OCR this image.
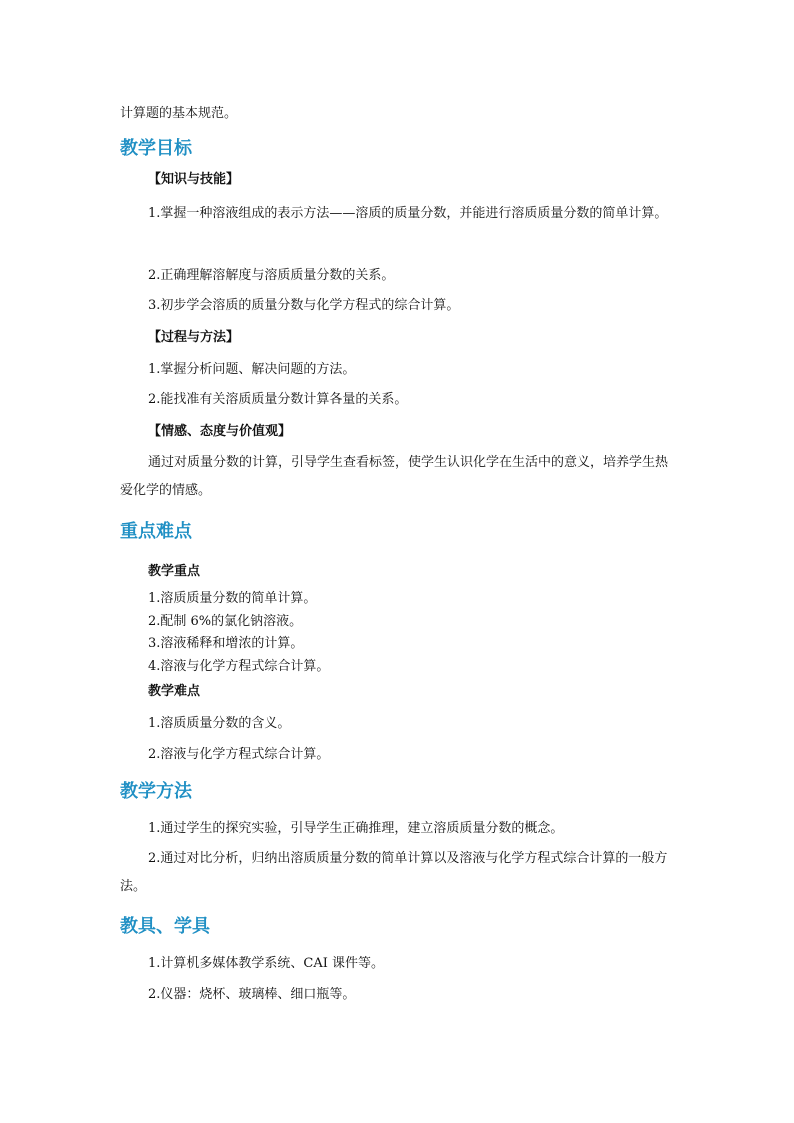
计算题的基本规范。

教学目标
【知识与技能】

1.掌握一种溶液组成的表示方法——溶质的质量分数，并能进行溶质质量分数的简单计算。

2.正确理解溶解度与溶质质量分数的关系。

3.初步学会溶质的质量分数与化学方程式的综合计算。

【过程与方法】

1.掌握分析问题、解决问题的方法。

2.能找准有关溶质质量分数计算各量的关系。

【情感、态度与价值观】

通过对质量分数的计算，引导学生查看标签，使学生认识化学在生活中的意义，培养学生热爱化学的情感。

重点难点
教学重点
1.溶质质量分数的简单计算。
2.配制 6%的氯化钠溶液。
3.溶液稀释和增浓的计算。
4.溶液与化学方程式综合计算。
教学难点

1.溶质质量分数的含义。

2.溶液与化学方程式综合计算。

教学方法

1.通过学生的探究实验，引导学生正确推理，建立溶质质量分数的概念。

2.通过对比分析，归纳出溶质质量分数的简单计算以及溶液与化学方程式综合计算的一般方法。

教具、学具

1.计算机多媒体教学系统、CAI 课件等。

2.仪器：烧杯、玻璃棒、细口瓶等。
